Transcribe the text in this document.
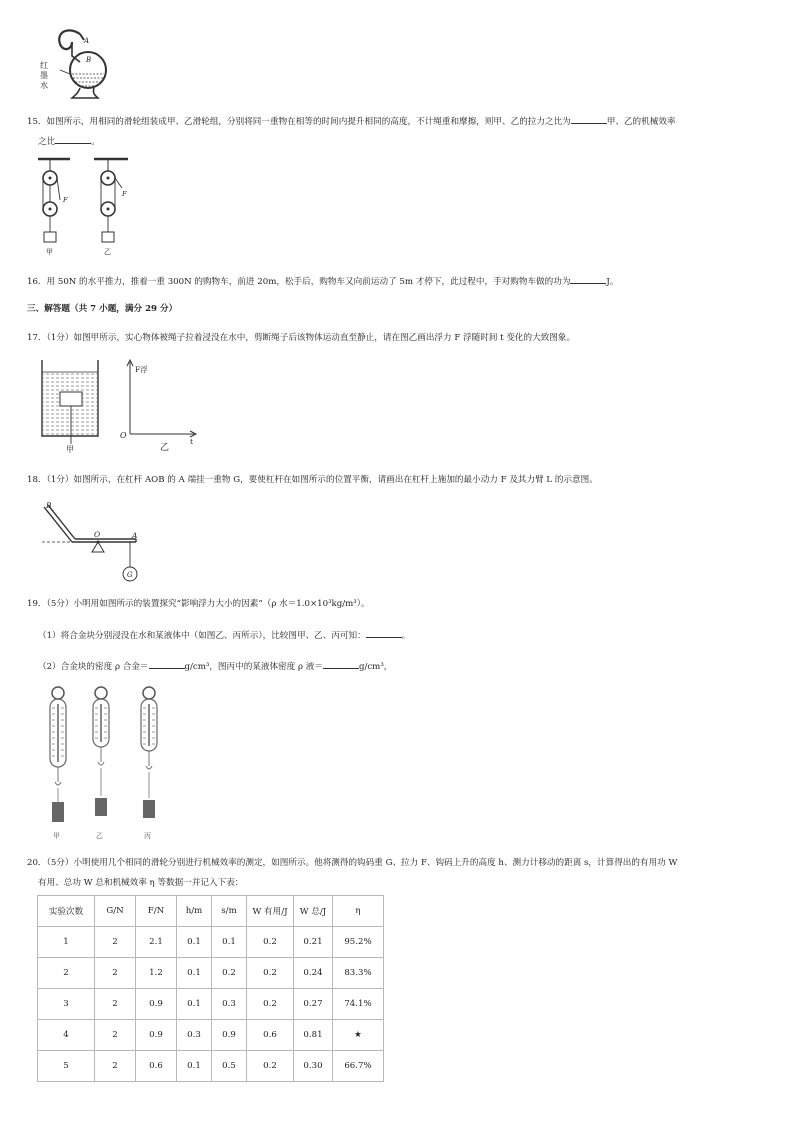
A
B
红
墨
水
15．如图所示，用相同的滑轮组装成甲、乙滑轮组，分别将同一重物在相等的时间内提升相同的高度，不计绳重和摩擦，则甲、乙的拉力之比为	甲、乙的机械效率
之比	。
F
甲
F
乙
16．用 50N 的水平推力，推着一重 300N 的购物车，前进 20m，松手后，购物车又向前运动了 5m 才停下，此过程中，手对购物车做的功为	J。
三、解答题（共 7 小题，满分 29 分）
17．（1分）如图甲所示，实心物体被绳子拉着浸没在水中，剪断绳子后该物体运动直至静止，请在图乙画出浮力 F 浮随时间 t 变化的大致图象。
甲
F浮
t
O
乙
18．（1分）如图所示，在杠杆 AOB 的 A 端挂一重物 G，要使杠杆在如图所示的位置平衡，请画出在杠杆上施加的最小动力 F 及其力臂 L 的示意图。
B
O	A
G
19．（5分）小明用如图所示的装置探究“影响浮力大小的因素”（ρ 水＝1.0×10³kg/m³）。
（1）将合金块分别浸没在水和某液体中（如图乙、丙所示），比较图甲、乙、丙可知：	。
（2）合金块的密度 ρ 合金＝	g/cm³，图丙中的某液体密度 ρ 液＝	g/cm³，
甲	乙	丙
20．（5分）小明使用几个相同的滑轮分别进行机械效率的测定，如图所示。他将测得的钩码重 G、拉力 F、钩码上升的高度 h、测力计移动的距离 s，计算得出的有用功 W
有用、总功 W 总和机械效率 η 等数据一并记入下表：
实验次数	G/N	F/N	h/m	s/m	W 有用/J	W 总/J	η
1	2	2.1	0.1	0.1	0.2	0.21	95.2%
2	2	1.2	0.1	0.2	0.2	0.24	83.3%
3	2	0.9	0.1	0.3	0.2	0.27	74.1%
4	2	0.9	0.3	0.9	0.6	0.81	★
5	2	0.6	0.1	0.5	0.2	0.30	66.7%
